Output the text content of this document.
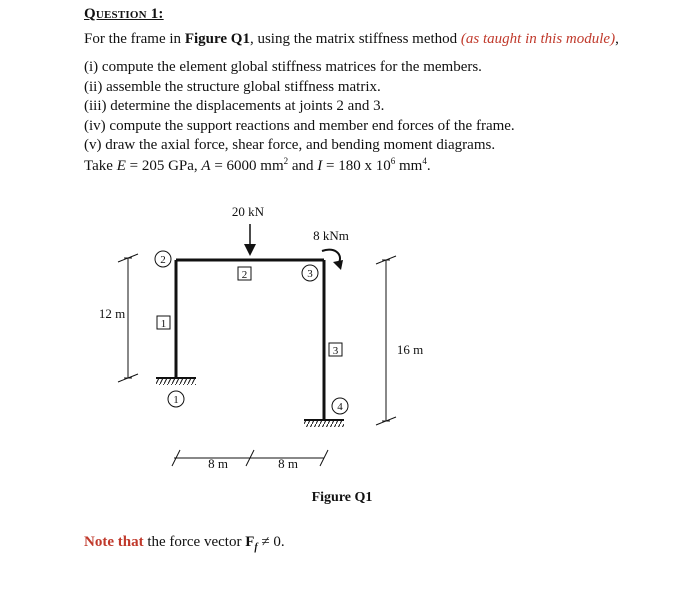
Question 1:
For the frame in Figure Q1, using the matrix stiffness method (as taught in this module),
(i) compute the element global stiffness matrices for the members.
(ii) assemble the structure global stiffness matrix.
(iii) determine the displacements at joints 2 and 3.
(iv) compute the support reactions and member end forces of the frame.
(v) draw the axial force, shear force, and bending moment diagrams.
Take E = 205 GPa, A = 6000 $mm^2$ and I = 180 x $10^6$ $mm^4$.
20 kN
8 kNm
1
2
3
4
1
2
3
12 m
16 m
8 m	8 m
Figure Q1
Note that the force vector $F_f \ne 0$.
